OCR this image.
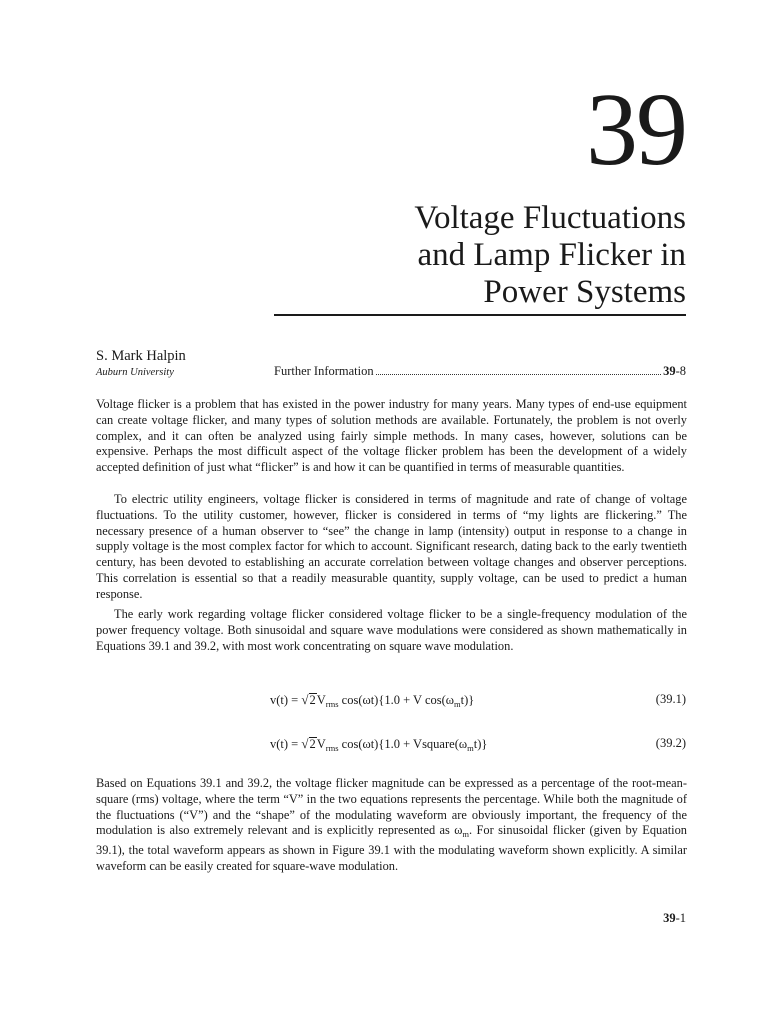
39
Voltage Fluctuations
and Lamp Flicker in
Power Systems
S. Mark Halpin
Auburn University	Further Information	39-8

Voltage flicker is a problem that has existed in the power industry for many years. Many types of end-use equipment can create voltage flicker, and many types of solution methods are available. Fortunately, the problem is not overly complex, and it can often be analyzed using fairly simple methods. In many cases, however, solutions can be expensive. Perhaps the most difficult aspect of the voltage flicker problem has been the development of a widely accepted definition of just what “flicker” is and how it can be quantified in terms of measurable quantities.

To electric utility engineers, voltage flicker is considered in terms of magnitude and rate of change of voltage fluctuations. To the utility customer, however, flicker is considered in terms of “my lights are flickering.” The necessary presence of a human observer to “see” the change in lamp (intensity) output in response to a change in supply voltage is the most complex factor for which to account. Significant research, dating back to the early twentieth century, has been devoted to establishing an accurate correlation between voltage changes and observer perceptions. This correlation is essential so that a readily measurable quantity, supply voltage, can be used to predict a human response.

The early work regarding voltage flicker considered voltage flicker to be a single-frequency modulation of the power frequency voltage. Both sinusoidal and square wave modulations were considered as shown mathematically in Equations 39.1 and 39.2, with most work concentrating on square wave modulation.

$v(t) = √2V_{rms}$ cos(ωt){1.0 + V $\cos(\omega_mt)$}	(39.1)
$v(t) = √2V_{rms}$ $\cos(\omega t)\{1.0 + Vsquare(\omega_mt)\}$	(39.2)

Based on Equations 39.1 and 39.2, the voltage flicker magnitude can be expressed as a percentage of the root-mean-square (rms) voltage, where the term “V” in the two equations represents the percentage. While both the magnitude of the fluctuations (“V”) and the “shape” of the modulating waveform are obviously important, the frequency of the modulation is also extremely relevant and is explicitly represented as $\omega_m$. For sinusoidal flicker (given by Equation 39.1), the total waveform appears as shown in Figure 39.1 with the modulating waveform shown explicitly. A similar waveform can be easily created for square-wave modulation.

39-1
